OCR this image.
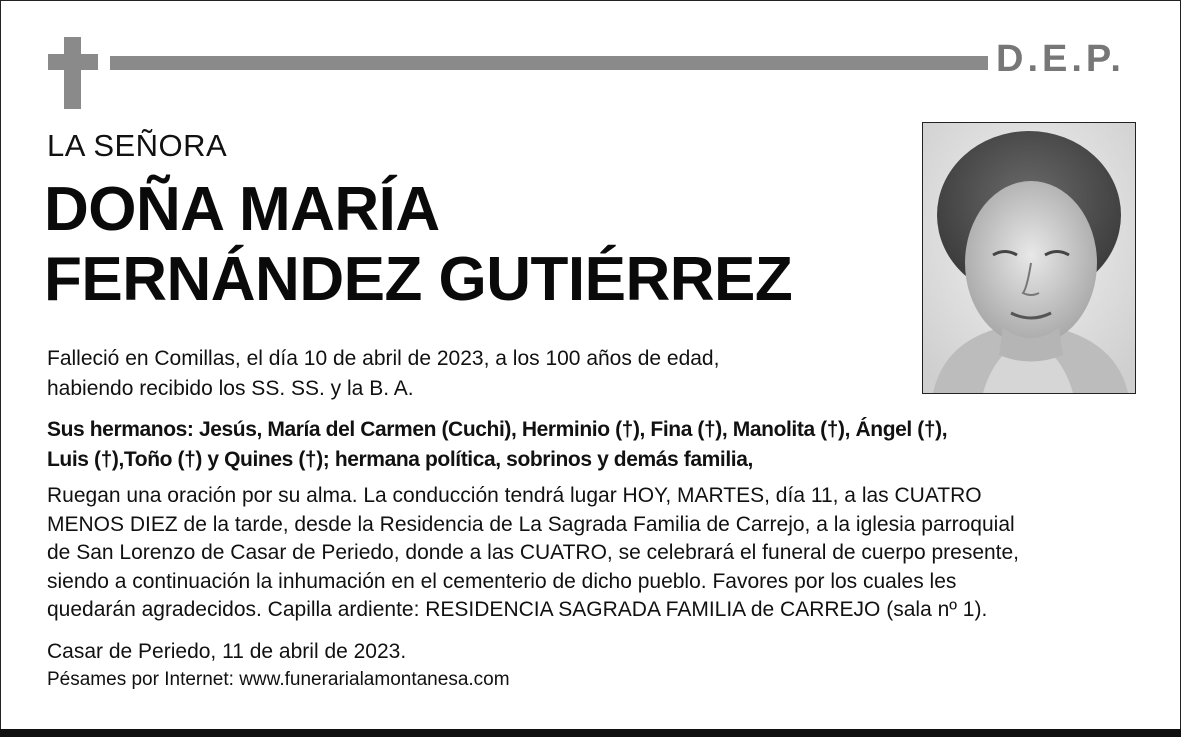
D.E.P.
LA SEÑORA
DOÑA MARÍA
FERNÁNDEZ GUTIÉRREZ
Falleció en Comillas, el día 10 de abril de 2023, a los 100 años de edad,
habiendo recibido los SS. SS. y la B. A.
Sus hermanos: Jesús, María del Carmen (Cuchi), Herminio (†), Fina (†), Manolita (†), Ángel (†),
Luis (†),Toño (†) y Quines (†); hermana política, sobrinos y demás familia,
Ruegan una oración por su alma. La conducción tendrá lugar HOY, MARTES, día 11, a las CUATRO
MENOS DIEZ de la tarde, desde la Residencia de La Sagrada Familia de Carrejo, a la iglesia parroquial
de San Lorenzo de Casar de Periedo, donde a las CUATRO, se celebrará el funeral de cuerpo presente,
siendo a continuación la inhumación en el cementerio de dicho pueblo. Favores por los cuales les
quedarán agradecidos. Capilla ardiente: RESIDENCIA SAGRADA FAMILIA de CARREJO (sala nº 1).
Casar de Periedo, 11 de abril de 2023.
Pésames por Internet: www.funerarialamontanesa.com
